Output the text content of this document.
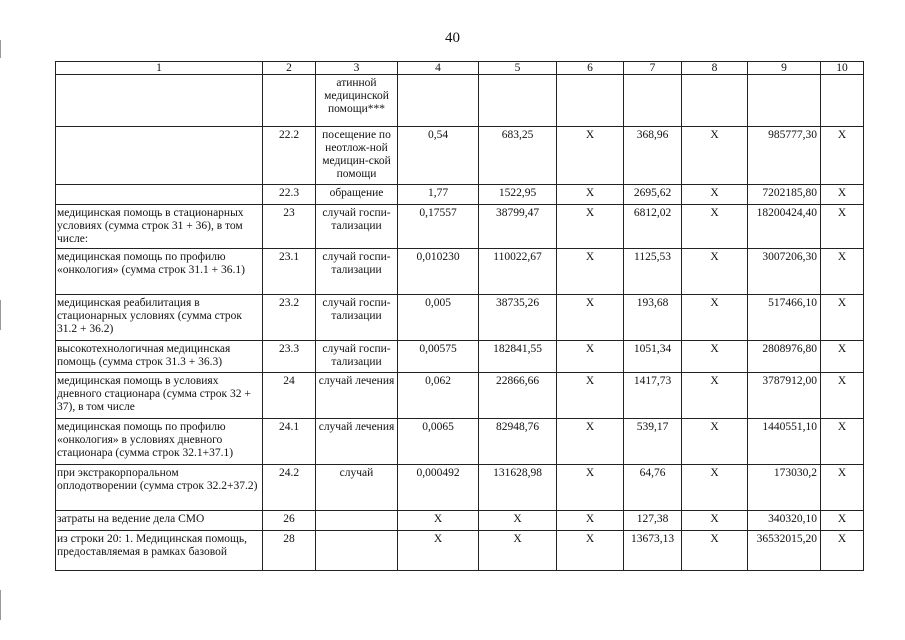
40
1	2	3	4	5	6	7	8	9	10
		атинной медицинской помощи***							
	22.2	посещение по неотлож-ной медицин-ской помощи	0,54	683,25	X	368,96	X	985777,30	X
	22.3	обращение	1,77	1522,95	X	2695,62	X	7202185,80	X
медицинская помощь в стационарных условиях (сумма строк 31 + 36), в том числе:	23	случай госпи-тализации	0,17557	38799,47	X	6812,02	X	18200424,40	X
медицинская помощь по профилю «онкология» (сумма строк 31.1 + 36.1)	23.1	случай госпи-тализации	0,010230	110022,67	X	1125,53	X	3007206,30	X
медицинская реабилитация в стационарных условиях (сумма строк 31.2 + 36.2)	23.2	случай госпи-тализации	0,005	38735,26	X	193,68	X	517466,10	X
высокотехнологичная медицинская помощь (сумма строк 31.3 + 36.3)	23.3	случай госпи-тализации	0,00575	182841,55	X	1051,34	X	2808976,80	X
медицинская помощь в условиях дневного стационара (сумма строк 32 + 37), в том числе	24	случай лечения	0,062	22866,66	X	1417,73	X	3787912,00	X
медицинская помощь по профилю «онкология» в условиях дневного стационара (сумма строк 32.1+37.1)	24.1	случай лечения	0,0065	82948,76	X	539,17	X	1440551,10	X
при экстракорпоральном оплодотворении (сумма строк 32.2+37.2)	24.2	случай	0,000492	131628,98	X	64,76	X	173030,2	X
затраты на ведение дела СМО	26		X	X	X	127,38	X	340320,10	X
из строки 20: 1. Медицинская помощь, предоставляемая в рамках базовой	28		X	X	X	13673,13	X	36532015,20	X
